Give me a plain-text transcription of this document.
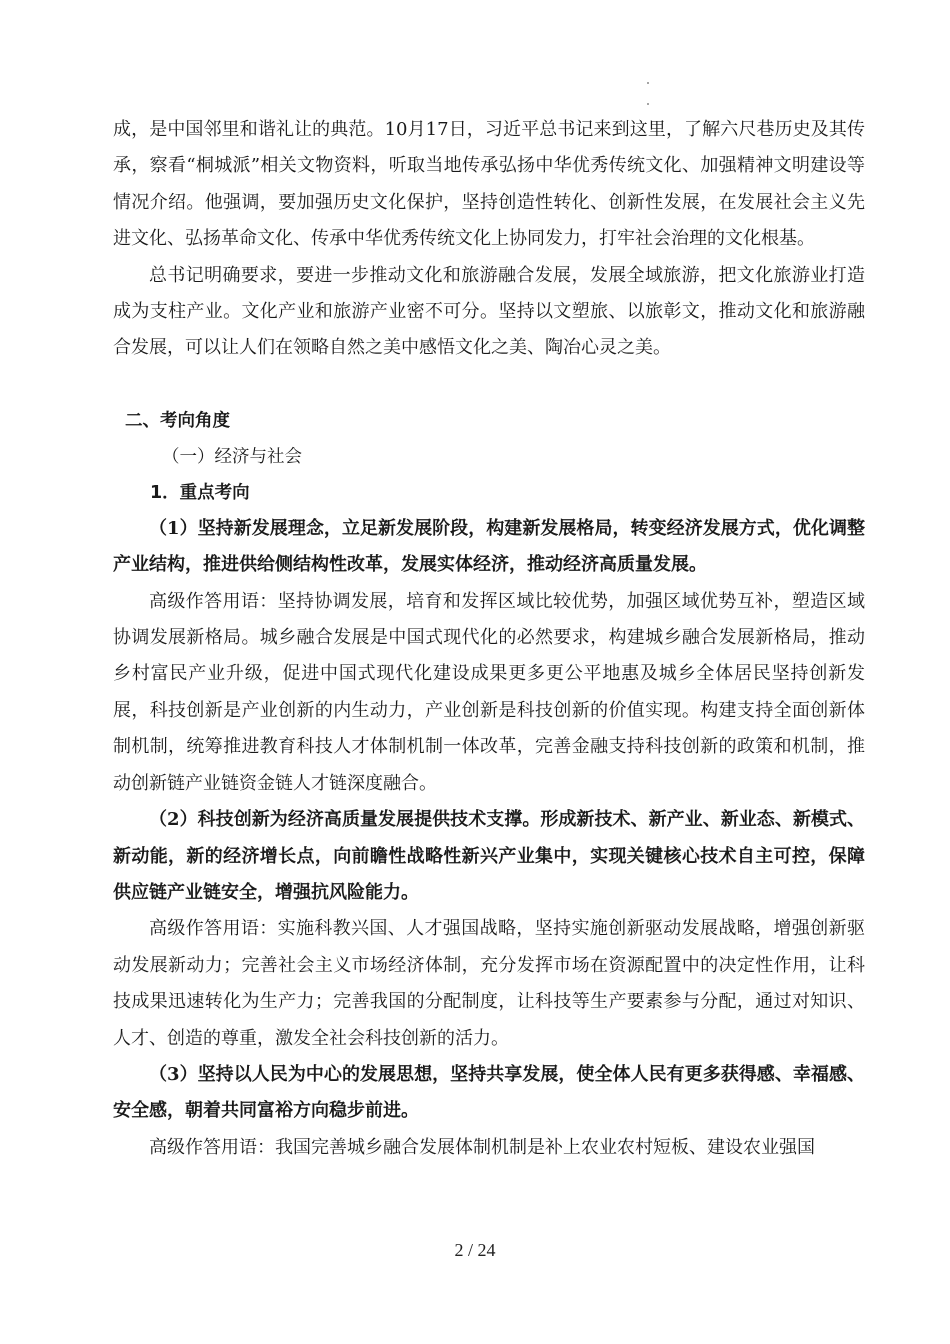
成，是中国邻里和谐礼让的典范。10月17日，习近平总书记来到这里，了解六尺巷历史及其传承，察看“桐城派”相关文物资料，听取当地传承弘扬中华优秀传统文化、加强精神文明建设等情况介绍。他强调，要加强历史文化保护，坚持创造性转化、创新性发展，在发展社会主义先进文化、弘扬革命文化、传承中华优秀传统文化上协同发力，打牢社会治理的文化根基。

总书记明确要求，要进一步推动文化和旅游融合发展，发展全域旅游，把文化旅游业打造成为支柱产业。文化产业和旅游产业密不可分。坚持以文塑旅、以旅彰文，推动文化和旅游融合发展，可以让人们在领略自然之美中感悟文化之美、陶冶心灵之美。

二、考向角度

（一）经济与社会

1．重点考向

（1）坚持新发展理念，立足新发展阶段，构建新发展格局，转变经济发展方式，优化调整产业结构，推进供给侧结构性改革，发展实体经济，推动经济高质量发展。

高级作答用语：坚持协调发展，培育和发挥区域比较优势，加强区域优势互补，塑造区域协调发展新格局。城乡融合发展是中国式现代化的必然要求，构建城乡融合发展新格局，推动乡村富民产业升级，促进中国式现代化建设成果更多更公平地惠及城乡全体居民坚持创新发展，科技创新是产业创新的内生动力，产业创新是科技创新的价值实现。构建支持全面创新体制机制，统筹推进教育科技人才体制机制一体改革，完善金融支持科技创新的政策和机制，推动创新链产业链资金链人才链深度融合。

（2）科技创新为经济高质量发展提供技术支撑。形成新技术、新产业、新业态、新模式、新动能，新的经济增长点，向前瞻性战略性新兴产业集中，实现关键核心技术自主可控，保障供应链产业链安全，增强抗风险能力。

高级作答用语：实施科教兴国、人才强国战略，坚持实施创新驱动发展战略，增强创新驱动发展新动力；完善社会主义市场经济体制，充分发挥市场在资源配置中的决定性作用，让科技成果迅速转化为生产力；完善我国的分配制度，让科技等生产要素参与分配，通过对知识、人才、创造的尊重，激发全社会科技创新的活力。

（3）坚持以人民为中心的发展思想，坚持共享发展，使全体人民有更多获得感、幸福感、安全感，朝着共同富裕方向稳步前进。

高级作答用语：我国完善城乡融合发展体制机制是补上农业农村短板、建设农业强国

2 / 24
